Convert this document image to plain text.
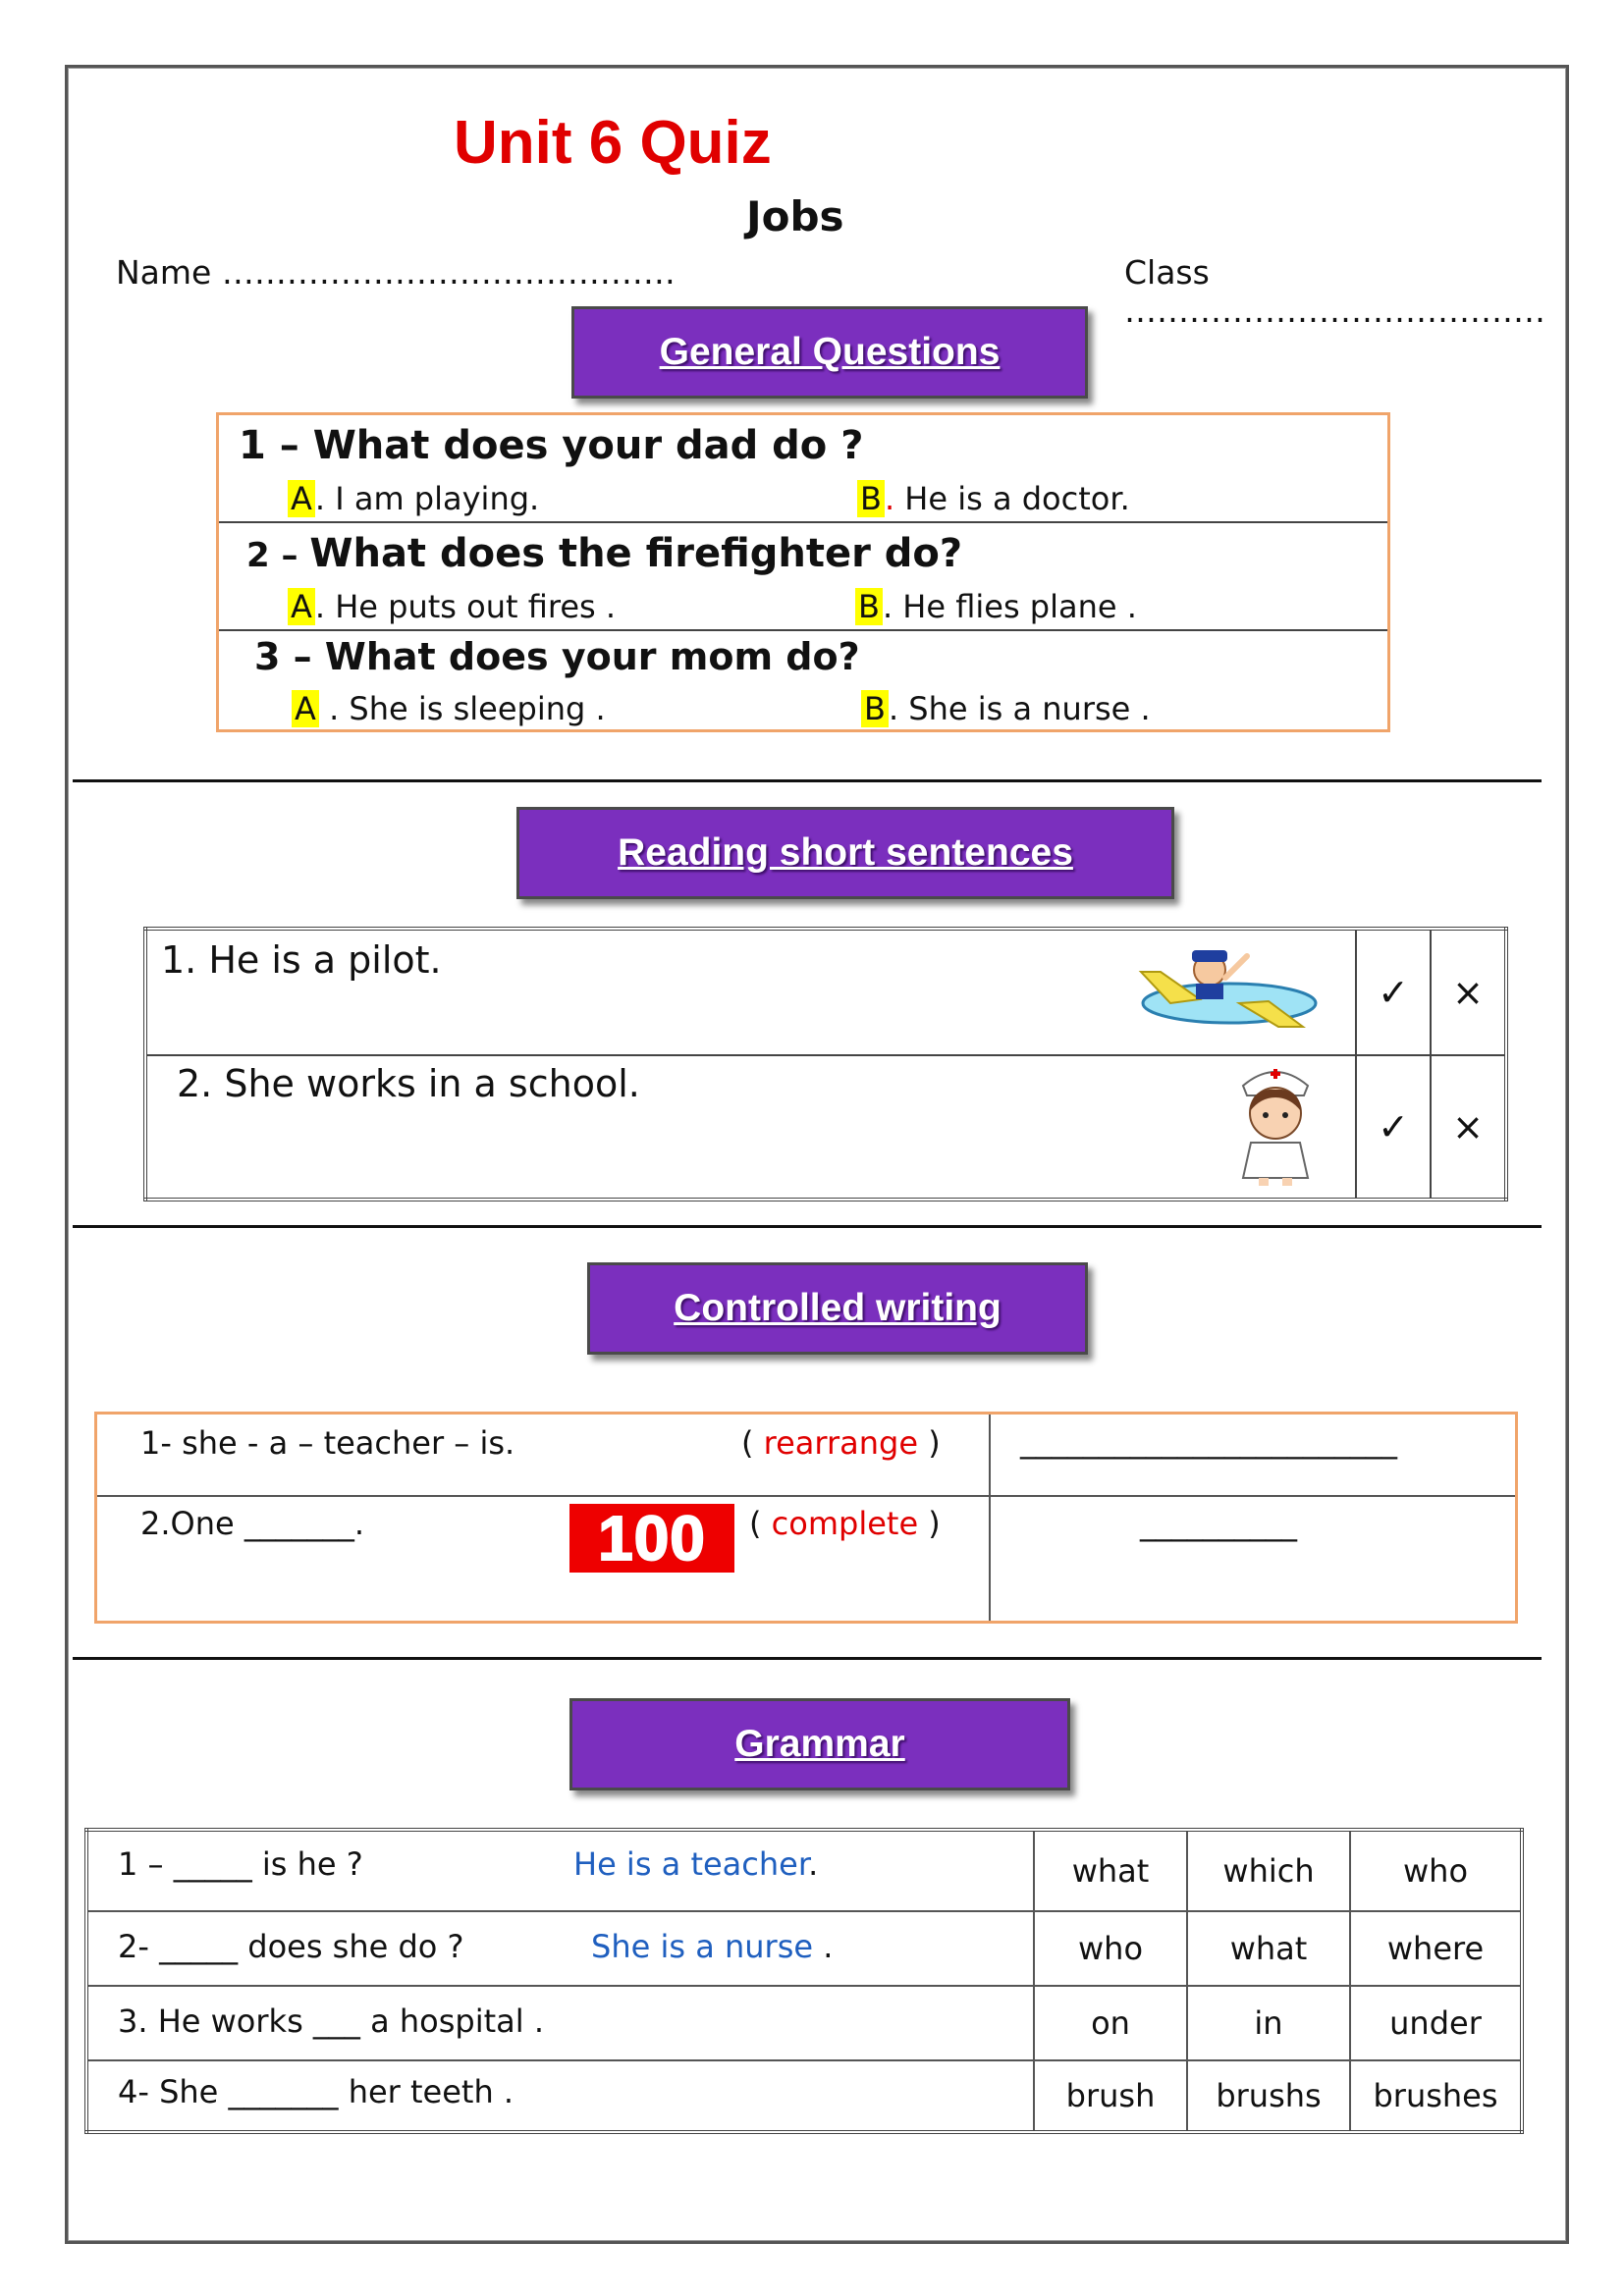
Unit 6 Quiz
Jobs
Name ……………………………………	Class …………………………………
General Questions
1 – What does your dad do ?
A. I am playing.	B. He is a doctor.

2 – What does the firefighter do?
A. He puts out fires .	B. He flies plane .

3 – What does your mom do?
A . She is sleeping .	B. She is a nurse .
Reading short sentences
1. He is a pilot.	✓	×

2. She works in a school.	✓	×
Controlled writing
1- she - a – teacher – is. ( rearrange )	________________________

2.One _______. ( complete )	__________
100
Grammar
1 – _____ is he ? He is a teacher.	what	which	who

2- _____ does she do ? She is a nurse .	who	what	where

3. He works ___ a hospital .	on	in	under

4- She _______ her teeth .	brush	brushs	brushes
